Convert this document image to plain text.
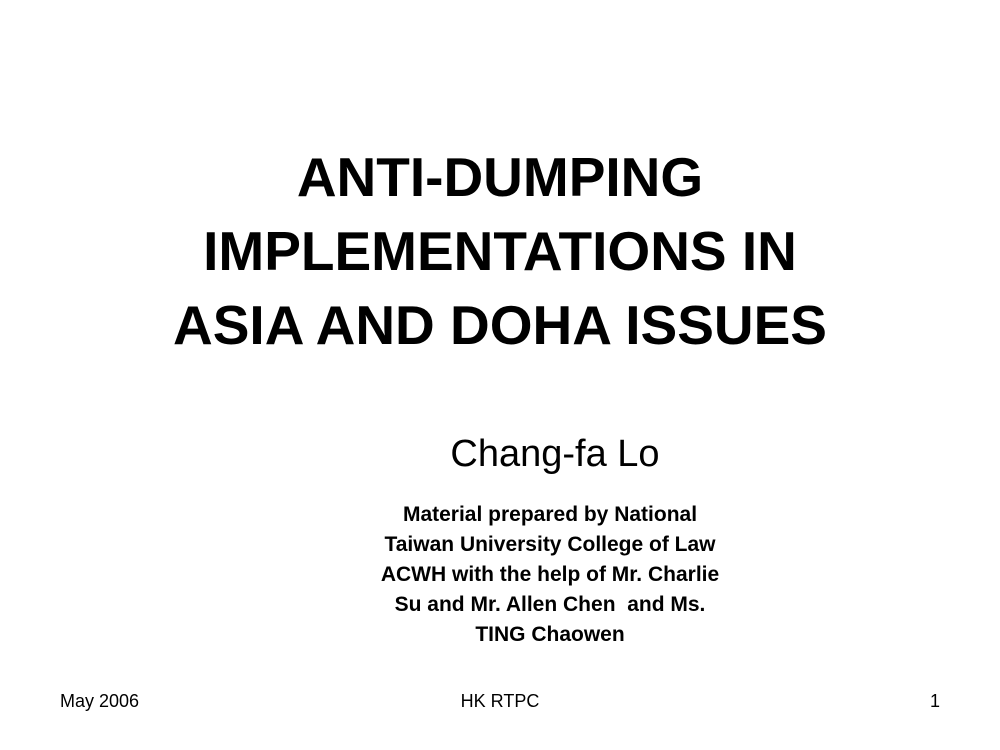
ANTI-DUMPING
IMPLEMENTATIONS IN
ASIA AND DOHA ISSUES
Chang-fa Lo
Material prepared by National
Taiwan University College of Law
ACWH with the help of Mr. Charlie
Su and Mr. Allen Chen  and Ms.
TING Chaowen
May 2006	HK RTPC	1
